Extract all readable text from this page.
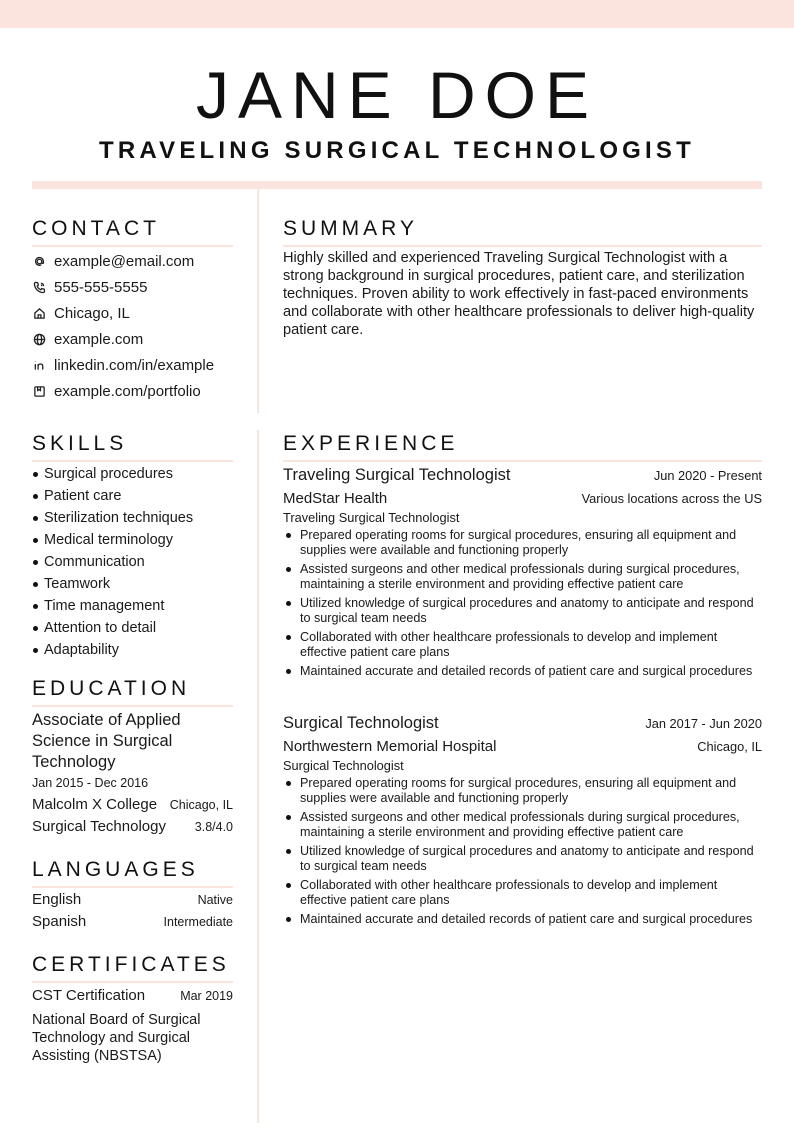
JANE DOE
TRAVELING SURGICAL TECHNOLOGIST
CONTACT
example@email.com
555-555-5555
Chicago, IL
example.com
linkedin.com/in/example
example.com/portfolio
SUMMARY

Highly skilled and experienced Traveling Surgical Technologist with a strong background in surgical procedures, patient care, and sterilization techniques. Proven ability to work effectively in fast-paced environments and collaborate with other healthcare professionals to deliver high-quality patient care.

SKILLS
Surgical procedures
Patient care
Sterilization techniques
Medical terminology
Communication
Teamwork
Time management
Attention to detail
Adaptability
EDUCATION
Associate of Applied Science in Surgical Technology
Jan 2015 - Dec 2016
Malcolm X College Chicago, IL
Surgical Technology 3.8/4.0
LANGUAGES
English	Native
Spanish	Intermediate
CERTIFICATES
CST Certification	Mar 2019
National Board of Surgical Technology and Surgical Assisting (NBSTSA)
EXPERIENCE
Traveling Surgical Technologist	Jun 2020 - Present
MedStar Health	Various locations across the US
Traveling Surgical Technologist
Prepared operating rooms for surgical procedures, ensuring all equipment and supplies were available and functioning properly
Assisted surgeons and other medical professionals during surgical procedures, maintaining a sterile environment and providing effective patient care
Utilized knowledge of surgical procedures and anatomy to anticipate and respond to surgical team needs
Collaborated with other healthcare professionals to develop and implement effective patient care plans
Maintained accurate and detailed records of patient care and surgical procedures
Surgical Technologist	Jan 2017 - Jun 2020
Northwestern Memorial Hospital	Chicago, IL
Surgical Technologist
Prepared operating rooms for surgical procedures, ensuring all equipment and supplies were available and functioning properly
Assisted surgeons and other medical professionals during surgical procedures, maintaining a sterile environment and providing effective patient care
Utilized knowledge of surgical procedures and anatomy to anticipate and respond to surgical team needs
Collaborated with other healthcare professionals to develop and implement effective patient care plans
Maintained accurate and detailed records of patient care and surgical procedures
